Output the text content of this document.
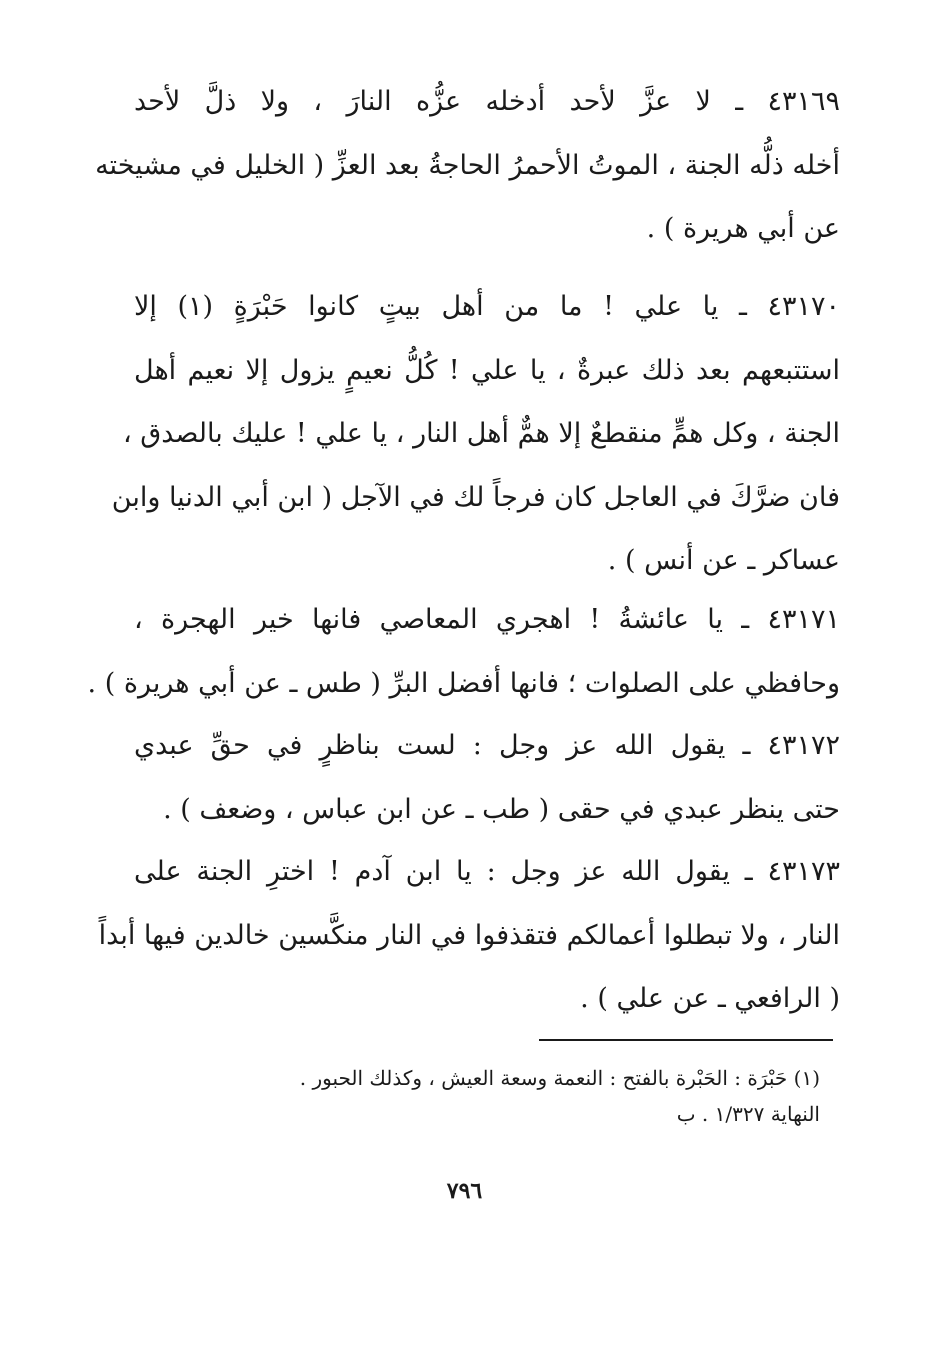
٤٣١٦٩ ـ لا عزَّ لأحد أدخله عزُّه النارَ ، ولا ذلَّ لأحد
أخله ذلُّه الجنة ، الموتُ الأحمرُ الحاجةُ بعد العزِّ ( الخليل في مشيخته
عن أبي هريرة ) .
٤٣١٧٠ ـ يا علي ! ما من أهل بيتٍ كانوا حَبْرَةٍ (١) إلا
استتبعهم بعد ذلك عبرةٌ ، يا علي ! كُلُّ نعيمٍ يزول إلا نعيم أهل
الجنة ، وكل همٍّ منقطعٌ إلا همٌّ أهل النار ، يا علي ! عليك بالصدق ،
فان ضرَّكَ في العاجل كان فرجاً لك في الآجل ( ابن أبي الدنيا وابن
عساكر ـ عن أنس ) .
٤٣١٧١ ـ يا عائشةُ ! اهجري المعاصي فانها خير الهجرة ،
وحافظي على الصلوات ؛ فانها أفضل البرِّ ( طس ـ عن أبي هريرة ) .
٤٣١٧٢ ـ يقول الله عز وجل : لست بناظرٍ في حقِّ عبدي
حتى ينظر عبدي في حقى ( طب ـ عن ابن عباس ، وضعف ) .
٤٣١٧٣ ـ يقول الله عز وجل : يا ابن آدم ! اخترِ الجنة على
النار ، ولا تبطلوا أعمالكم فتقذفوا في النار منكَّسين خالدين فيها أبداً
( الرافعي ـ عن علي ) .
(١) حَبْرَة : الحَبْرة بالفتح : النعمة وسعة العيش ، وكذلك الحبور .
النهاية ١/٣٢٧ . ب
٧٩٦
